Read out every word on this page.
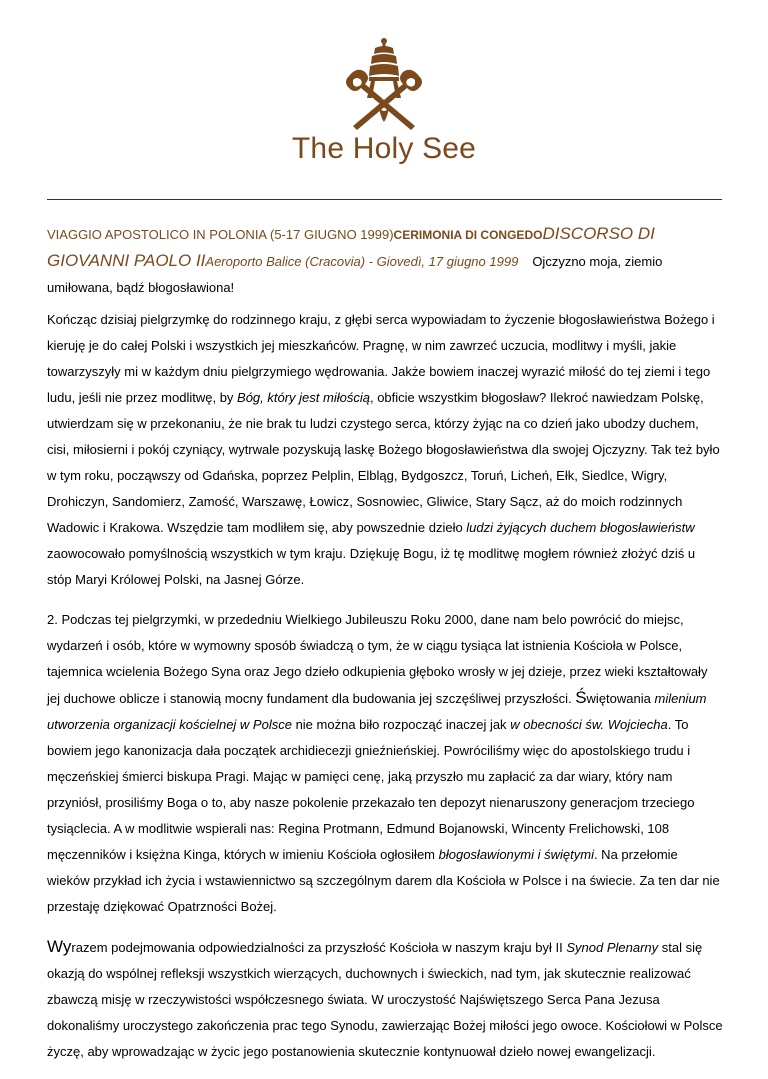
The Holy See
VIAGGIO APOSTOLICO IN POLONIA (5-17 GIUGNO 1999)CERIMONIA DI CONGEDODISCORSO DI GIOVANNI PAOLO IIAeroporto Balice (Cracovia) - Giovedì, 17 giugno 1999 Ojczyzno moja, ziemio umiłowana, bądź błogosławiona!

Kończąc dzisiaj pielgrzymkę do rodzinnego kraju, z głębi serca wypowiadam to życzenie błogosławieństwa Bożego i kieruję je do całej Polski i wszystkich jej mieszkańców. Pragnę, w nim zawrzeć uczucia, modlitwy i myśli, jakie towarzyszyły mi w każdym dniu pielgrzymiego wędrowania. Jakże bowiem inaczej wyrazić miłość do tej ziemi i tego ludu, jeśli nie przez modlitwę, by Bóg, który jest miłością, obficie wszystkim błogosław? Ilekroć nawiedzam Polskę, utwierdzam się w przekonaniu, że nie brak tu ludzi czystego serca, którzy żyjąc na co dzień jako ubodzy duchem, cisi, miłosierni i pokój czyniący, wytrwale pozyskują laskę Bożego błogosławieństwa dla swojej Ojczyzny. Tak też było w tym roku, począwszy od Gdańska, poprzez Pelplin, Elbląg, Bydgoszcz, Toruń, Licheń, Ełk, Siedlce, Wigry, Drohiczyn, Sandomierz, Zamość, Warszawę, Łowicz, Sosnowiec, Gliwice, Stary Sącz, aż do moich rodzinnych Wadowic i Krakowa. Wszędzie tam modliłem się, aby powszednie dzieło ludzi żyjących duchem błogosławieństw zaowocowało pomyślnością wszystkich w tym kraju. Dziękuję Bogu, iż tę modlitwę mogłem również złożyć dziś u stóp Maryi Królowej Polski, na Jasnej Górze.

2. Podczas tej pielgrzymki, w przededniu Wielkiego Jubileuszu Roku 2000, dane nam belo powrócić do miejsc, wydarzeń i osób, które w wymowny sposób świadczą o tym, że w ciągu tysiąca lat istnienia Kościoła w Polsce, tajemnica wcielenia Bożego Syna oraz Jego dzieło odkupienia głęboko wrosły w jej dzieje, przez wieki kształtowały jej duchowe oblicze i stanowią mocny fundament dla budowania jej szczęśliwej przyszłości. Świętowania milenium utworzenia organizacji kościelnej w Polsce nie można biło rozpocząć inaczej jak w obecności św. Wojciecha. To bowiem jego kanonizacja dała początek archidiecezji gnieźnieńskiej. Powróciliśmy więc do apostolskiego trudu i męczeńskiej śmierci biskupa Pragi. Mając w pamięci cenę, jaką przyszło mu zapłacić za dar wiary, który nam przyniósł, prosiliśmy Boga o to, aby nasze pokolenie przekazało ten depozyt nienaruszony generacjom trzeciego tysiąclecia. A w modlitwie wspierali nas: Regina Protmann, Edmund Bojanowski, Wincenty Frelichowski, 108 męczenników i księżna Kinga, których w imieniu Kościoła ogłosiłem błogosławionymi i świętymi. Na przełomie wieków przykład ich życia i wstawiennictwo są szczególnym darem dla Kościoła w Polsce i na świecie. Za ten dar nie przestaję dziękować Opatrzności Bożej.

Wyrazem podejmowania odpowiedzialności za przyszłość Kościoła w naszym kraju był II Synod Plenarny stal się okazją do wspólnej refleksji wszystkich wierzących, duchownych i świeckich, nad tym, jak skutecznie realizować zbawczą misję w rzeczywistości współczesnego świata. W uroczystość Najświętszego Serca Pana Jezusa dokonaliśmy uroczystego zakończenia prac tego Synodu, zawierzając Bożej miłości jego owoce. Kościołowi w Polsce życzę, aby wprowadzając w życic jego postanowienia skutecznie kontynuował dzieło nowej ewangelizacji.
